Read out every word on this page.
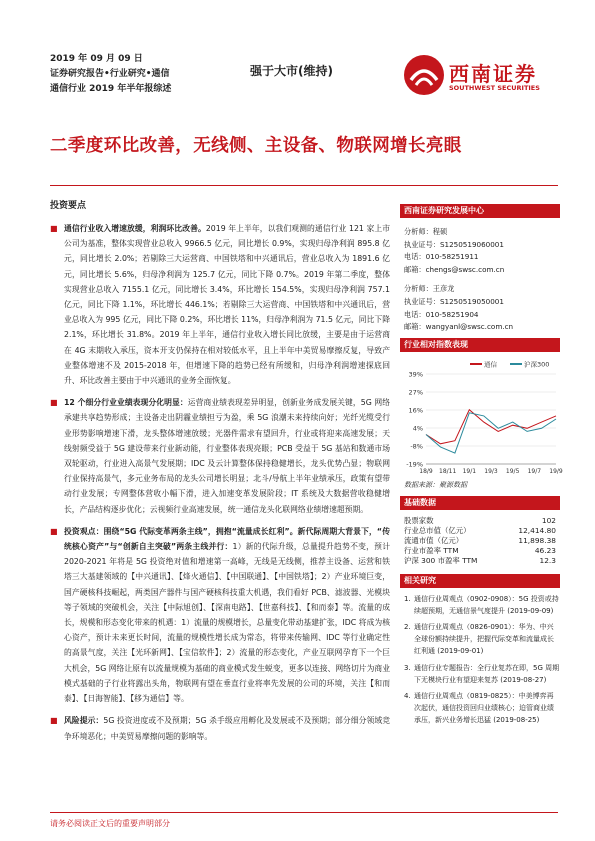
2019 年 09 月 09 日
证券研究报告•行业研究•通信
通信行业 2019 年半年报综述
强于大市(维持)	西南证券
SOUTHWEST SECURITIES
二季度环比改善，无线侧、主设备、物联网增长亮眼
投资要点
■ 通信行业收入增速放缓，利润环比改善。2019 年上半年，以我们观测的通信行业 121 家上市公司为基准，整体实现营业总收入 9966.5 亿元，同比增长 0.9%，实现归母净利润 895.8 亿元，同比增长 2.0%；若剔除三大运营商、中国铁塔和中兴通讯后，营业总收入为 1891.6 亿元，同比增长 5.6%，归母净利润为 125.7 亿元，同比下降 0.7%。2019 年第二季度，整体实现营业总收入 7155.1 亿元，同比增长 3.4%，环比增长 154.5%，实现归母净利润 757.1 亿元，同比下降 1.1%，环比增长 446.1%；若剔除三大运营商、中国铁塔和中兴通讯后，营业总收入为 995 亿元，同比下降 0.2%，环比增长 11%，归母净利润为 71.5 亿元，同比下降 2.1%，环比增长 31.8%。2019 年上半年，通信行业收入增长同比放缓，主要是由于运营商在 4G 末期收入承压，资本开支仍保持在相对较低水平，且上半年中美贸易摩擦反复，导致产业整体增速不及 2015-2018 年，但增速下降的趋势已经有所缓和，归母净利润增速探底回升、环比改善主要由于中兴通讯的业务全面恢复。
■ 12 个细分行业业绩表现分化明显：运营商业绩表现差异明显，创新业务成发展关键，5G 网络承建共享趋势形成；主设备走出阴霾业绩担亏为盈，乘 5G 浪潮未来持续向好；光纤光缆受行业形势影响增速下滑，龙头整体增速放缓；光器件需求有望回升，行业或将迎来高速发展；天线射频受益于 5G 建设带来行业新动能，行业整体表现亮眼；PCB 受益于 5G 基站和数通市场双轮驱动，行业进入高景气发展期；IDC 及云计算整体保持稳健增长，龙头优势凸显；物联网行业保持高景气，多元业务布局的龙头公司增长明显；北斗/导航上半年业绩承压，政策有望带动行业发展；专网整体营收小幅下滑，进入加速变革发展阶段；IT 系统及大数据营收稳健增长，产品结构逐步优化；云视频行业高速发展，统一通信龙头化联网络业绩增速超预期。
■ 投资观点：围绕“5G 代际变革两条主线”，拥抱“流量成长红利”。新代际周期大背景下，“传统核心资产”与“创新自主突破”两条主线并行：1）新的代际升级，总量提升趋势不变，预计 2020-2021 年将是 5G 投资绝对值和增速第一高峰，无线是无线侧，推荐主设备、运营和铁塔三大基建领域的【中兴通讯】、【烽火通信】、【中国联通】、【中国铁塔】；2）产业环境巨变，国产硬核科技崛起，两类国产器件与国产硬核科技重大机遇，我们看好 PCB、滤波器、光模块等子领域的突破机会，关注【中际旭创】、【深南电路】、【世嘉科技】、【和而泰】等。流量的成长，规模和形态变化带来的机遇：1）流量的规模增长，总量变化带动基建扩张，IDC 将成为核心资产，预计未来更长时间，流量的规模性增长成为常态，将带来传输网、IDC 等行业确定性的高景气度，关注【光环新网】、【宝信软件】；2）流量的形态变化，产业互联网孕育下一个巨大机会，5G 网络让原有以流量规模为基础的商业模式发生蜕变，更多以连接、网络切片为商业模式基础的子行业将露出头角，物联网有望在垂直行业将率先发展的公司的环境，关注【和而泰】、【日海智能】、【移为通信】等。
■ 风险提示：5G 投资进度或不及预期；5G 杀手级应用孵化及发展或不及预期；部分细分领域竞争环境恶化；中美贸易摩擦问题的影响等。
西南证券研究发展中心
分析师：程硕
执业证号：S1250519060001
电话：010-58251911
邮箱：chengs@swsc.com.cn
分析师：王彦龙
执业证号：S1250519050001
电话：010-58251904
邮箱：wangyanl@swsc.com.cn
行业相对指数表现
39%
27%
16%
4%
-8%
-19%
18/9 18/11 19/1 19/3 19/5 19/7 19/9
通信	沪深300
数据来源：聚源数据
基础数据
股票家数	102
行业总市值（亿元）	12,414.80
流通市值（亿元）	11,898.38
行业市盈率 TTM	46.23
沪深 300 市盈率 TTM	12.3
相关研究
1. 通信行业周观点（0902-0908）：5G 投资或持续超预期，无通信景气度提升 (2019-09-09)
2. 通信行业周观点（0826-0901）：华为、中兴全球份额持续提升，把握代际变革和流量成长红利通 (2019-09-01)
3. 通信行业专题报告：全行业复苏在即，5G 周期下无模块行业有望迎来复苏 (2019-08-27)
4. 通信行业周观点（0819-0825）：中美博弈再次起伏，通信投资回归业绩核心；迫管商业绩承压，新兴业务增长迅猛 (2019-08-25)
请务必阅读正文后的重要声明部分
